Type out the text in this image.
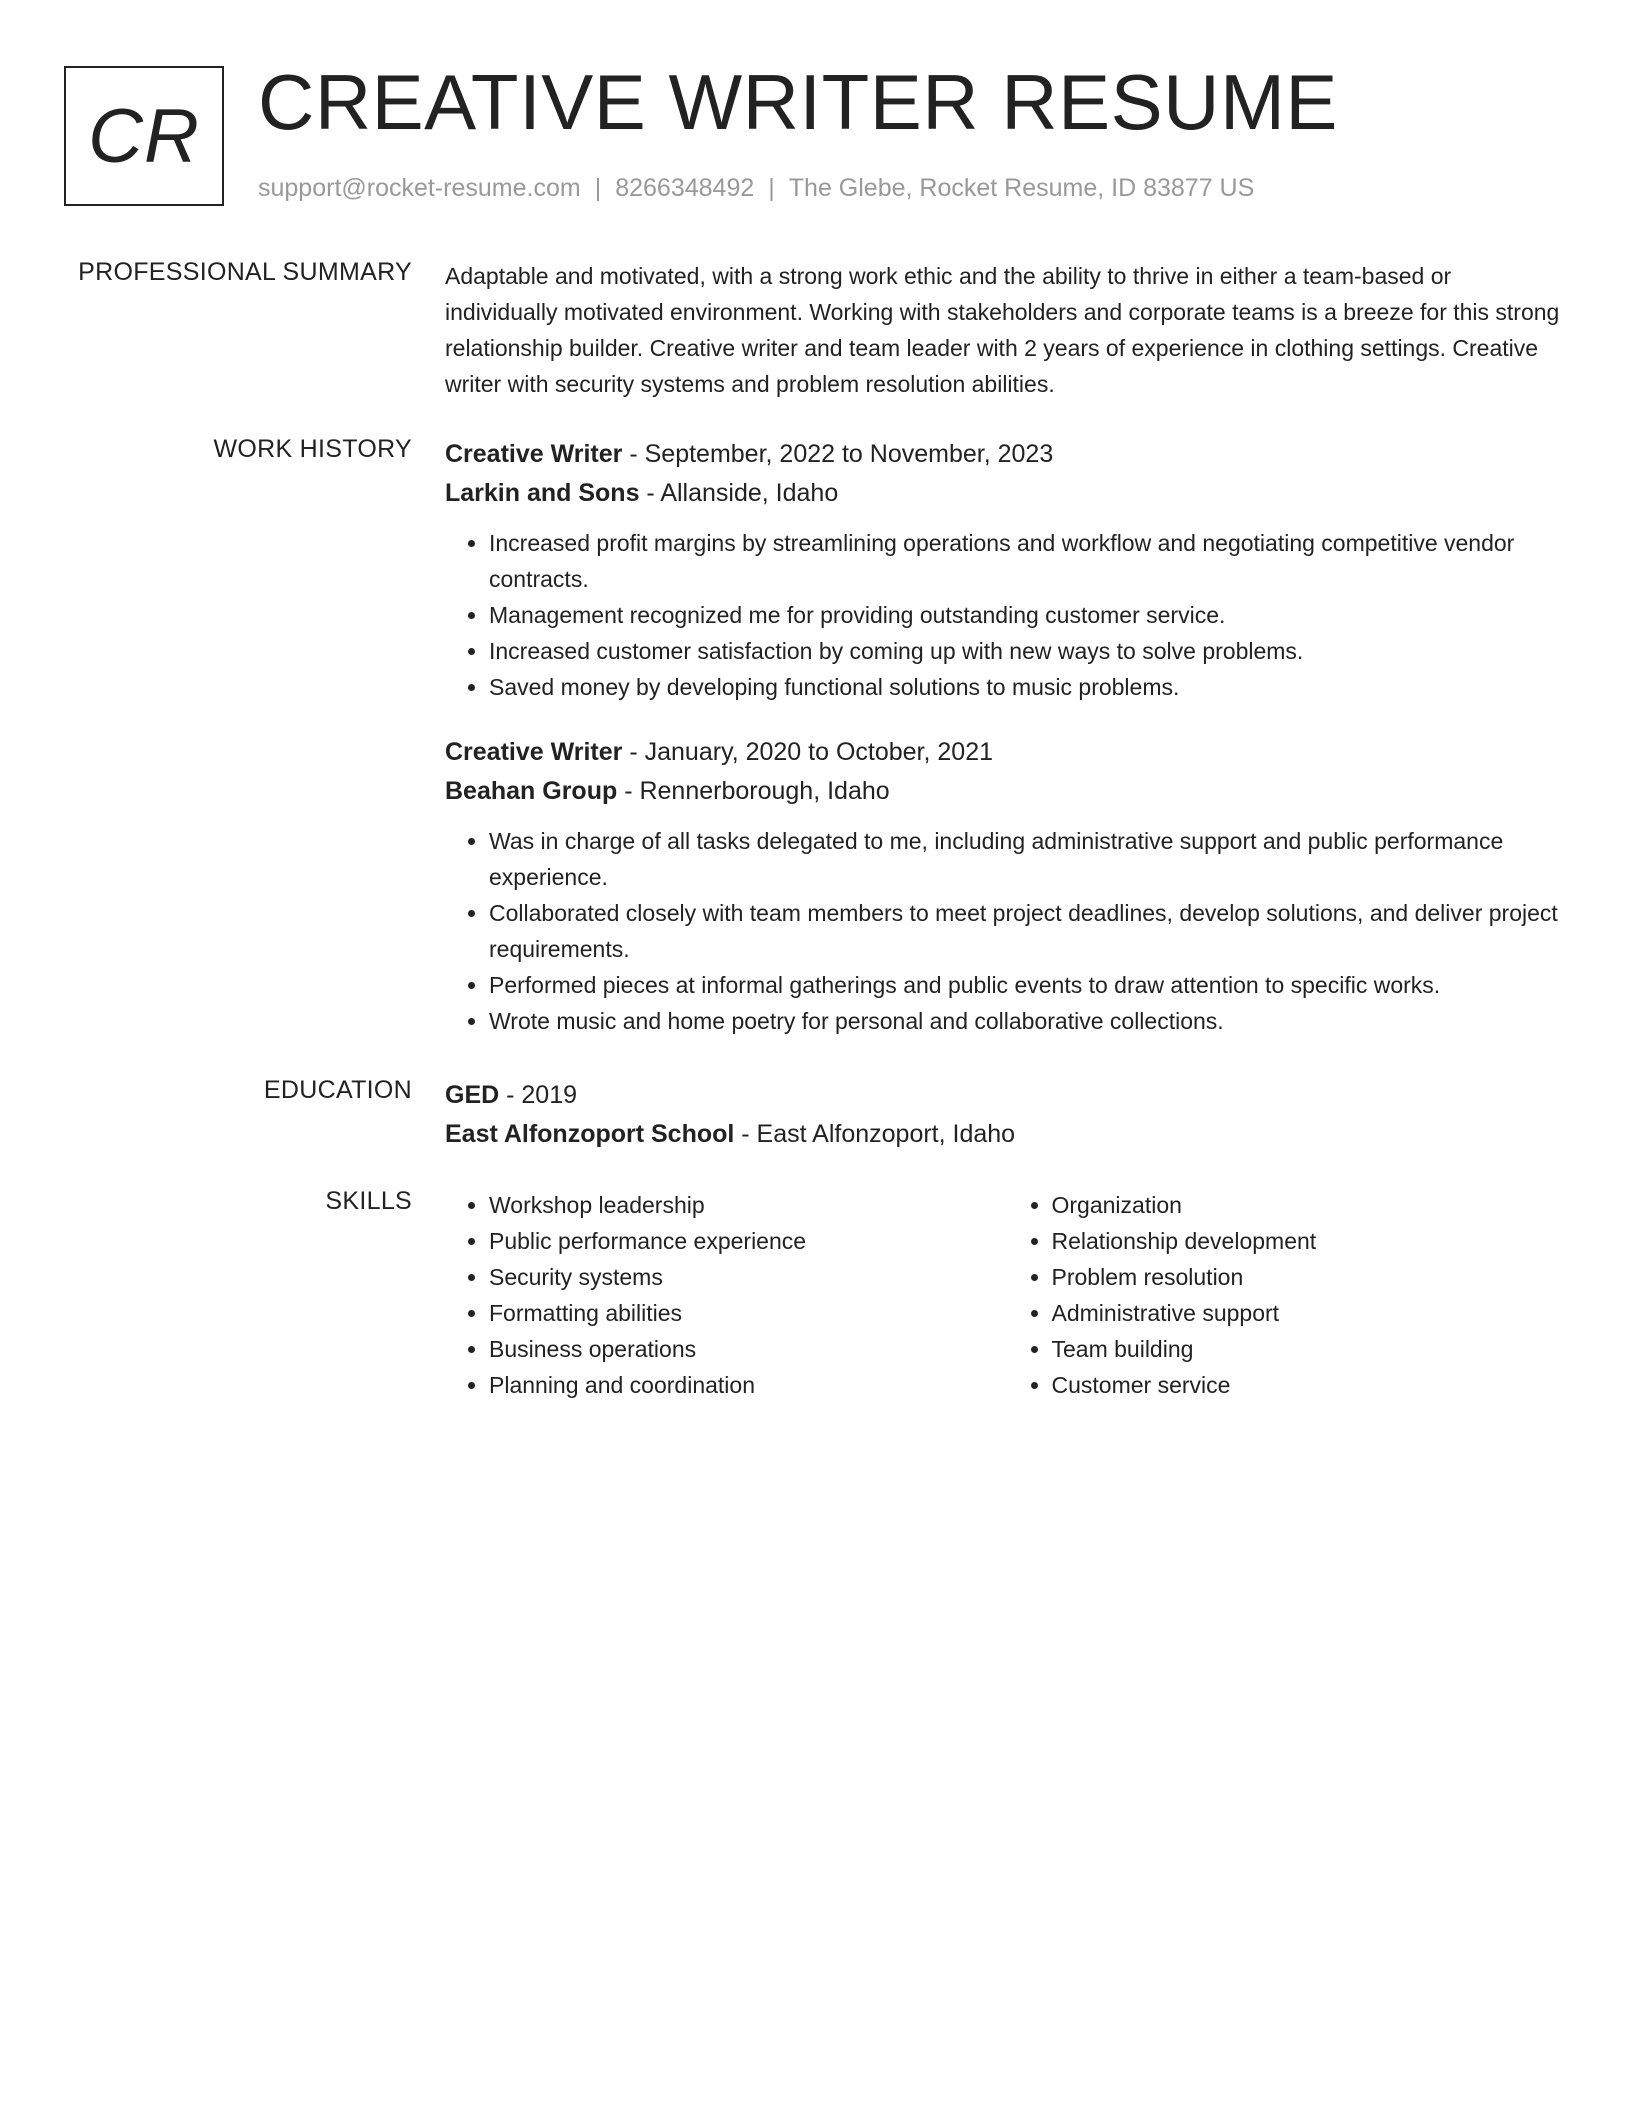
CR CREATIVE WRITER RESUME
support@rocket-resume.com | 8266348492 | The Glebe, Rocket Resume, ID 83877 US
PROFESSIONAL SUMMARY Adaptable and motivated, with a strong work ethic and the ability to thrive in either a team-based or individually motivated environment. Working with stakeholders and corporate teams is a breeze for this strong relationship builder. Creative writer and team leader with 2 years of experience in clothing settings. Creative writer with security systems and problem resolution abilities.
WORK HISTORY Creative Writer - September, 2022 to November, 2023
Larkin and Sons - Allanside, Idaho
• Increased profit margins by streamlining operations and workflow and negotiating competitive vendor contracts.
• Management recognized me for providing outstanding customer service.
• Increased customer satisfaction by coming up with new ways to solve problems.
• Saved money by developing functional solutions to music problems.
Creative Writer - January, 2020 to October, 2021
Beahan Group - Rennerborough, Idaho
• Was in charge of all tasks delegated to me, including administrative support and public performance experience.
• Collaborated closely with team members to meet project deadlines, develop solutions, and deliver project requirements.
• Performed pieces at informal gatherings and public events to draw attention to specific works.
• Wrote music and home poetry for personal and collaborative collections.
EDUCATION GED - 2019
East Alfonzoport School - East Alfonzoport, Idaho
SKILLS
•	Workshop leadership
• Public performance experience
• Security systems
• Formatting abilities
• Business operations
• Planning and coordination
• Organization
• Relationship development
• Problem resolution
• Administrative support
• Team building
• Customer service
